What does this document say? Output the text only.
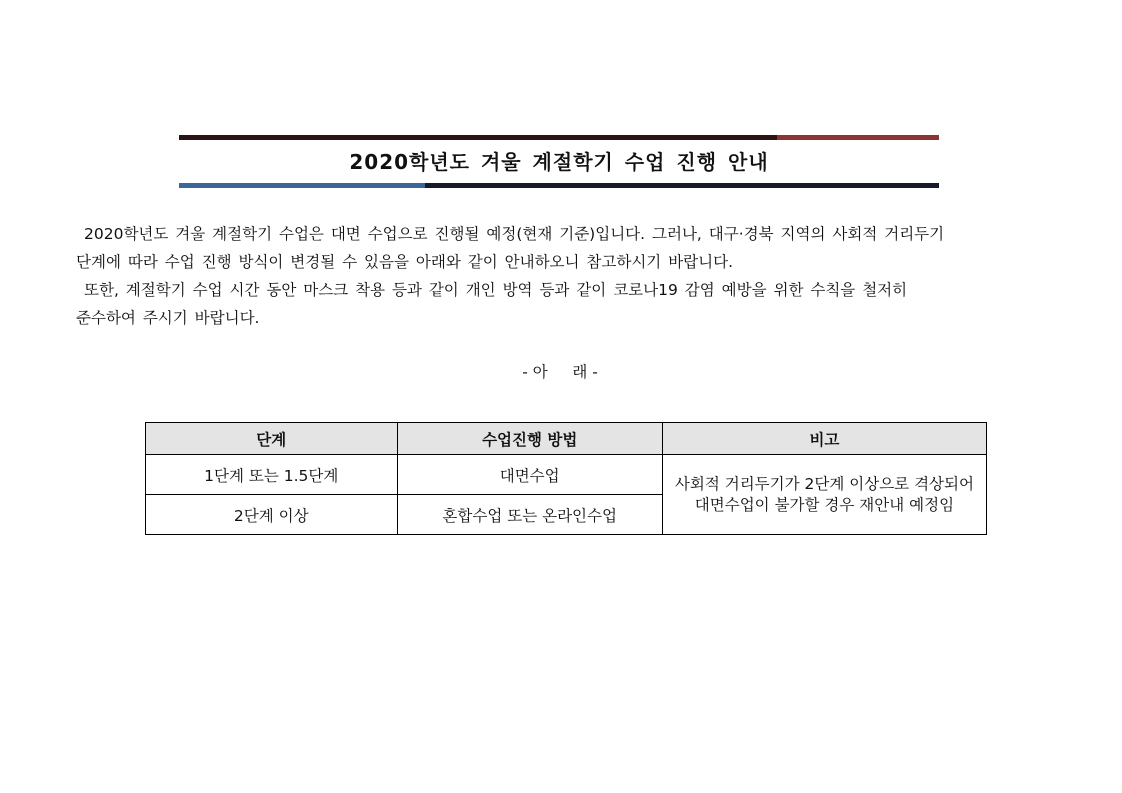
2020학년도 겨울 계절학기 수업 진행 안내

2020학년도 겨울 계절학기 수업은 대면 수업으로 진행될 예정(현재 기준)입니다. 그러나, 대구·경북 지역의 사회적 거리두기

단계에 따라 수업 진행 방식이 변경될 수 있음을 아래와 같이 안내하오니 참고하시기 바랍니다.

또한, 계절학기 수업 시간 동안 마스크 착용 등과 같이 개인 방역 등과 같이 코로나19 감염 예방을 위한 수칙을 철저히

준수하여 주시기 바랍니다.

- 아     래 -
단계	수업진행 방법	비고
1단계 또는 1.5단계	대면수업	사회적 거리두기가 2단계 이상으로 격상되어
대면수업이 불가할 경우 재안내 예정임

2단계 이상	혼합수업 또는 온라인수업	
